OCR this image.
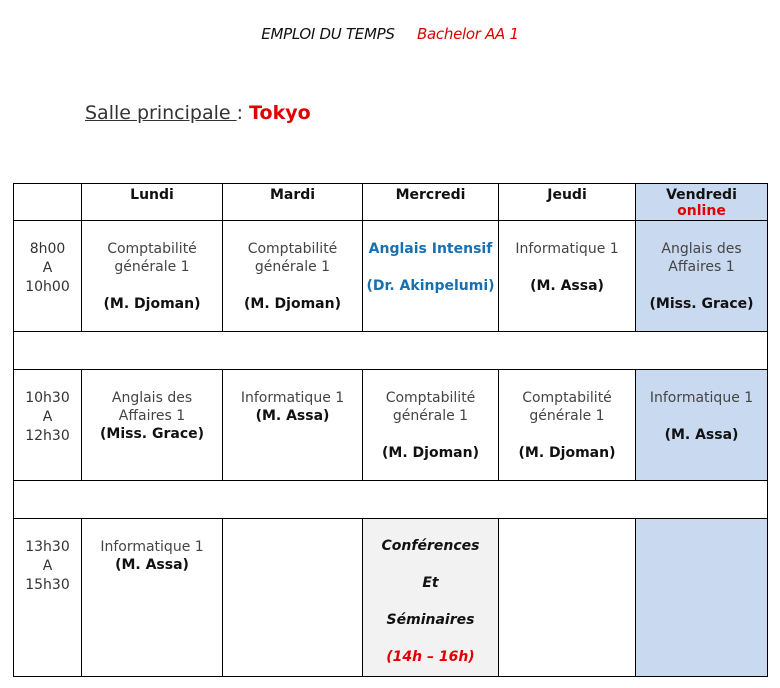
EMPLOI DU TEMPS Bachelor AA 1
Salle principale : Tokyo
	Lundi	Mardi	Mercredi	Jeudi	Vendredi
online

8h00
A
10h00	Comptabilité
générale 1
(M. Djoman)	Comptabilité
générale 1
(M. Djoman)	Anglais Intensif
(Dr. Akinpelumi)	Informatique 1
(M. Assa)	Anglais des
Affaires 1
(Miss. Grace)

10h30
A
12h30	Anglais des
Affaires 1
(Miss. Grace)	Informatique 1
(M. Assa)	Comptabilité
générale 1
(M. Djoman)	Comptabilité
générale 1
(M. Djoman)	Informatique 1
(M. Assa)

13h30
A
15h30	Informatique 1
(M. Assa)		Conférences
Et
Séminaires
(14h – 16h)		
